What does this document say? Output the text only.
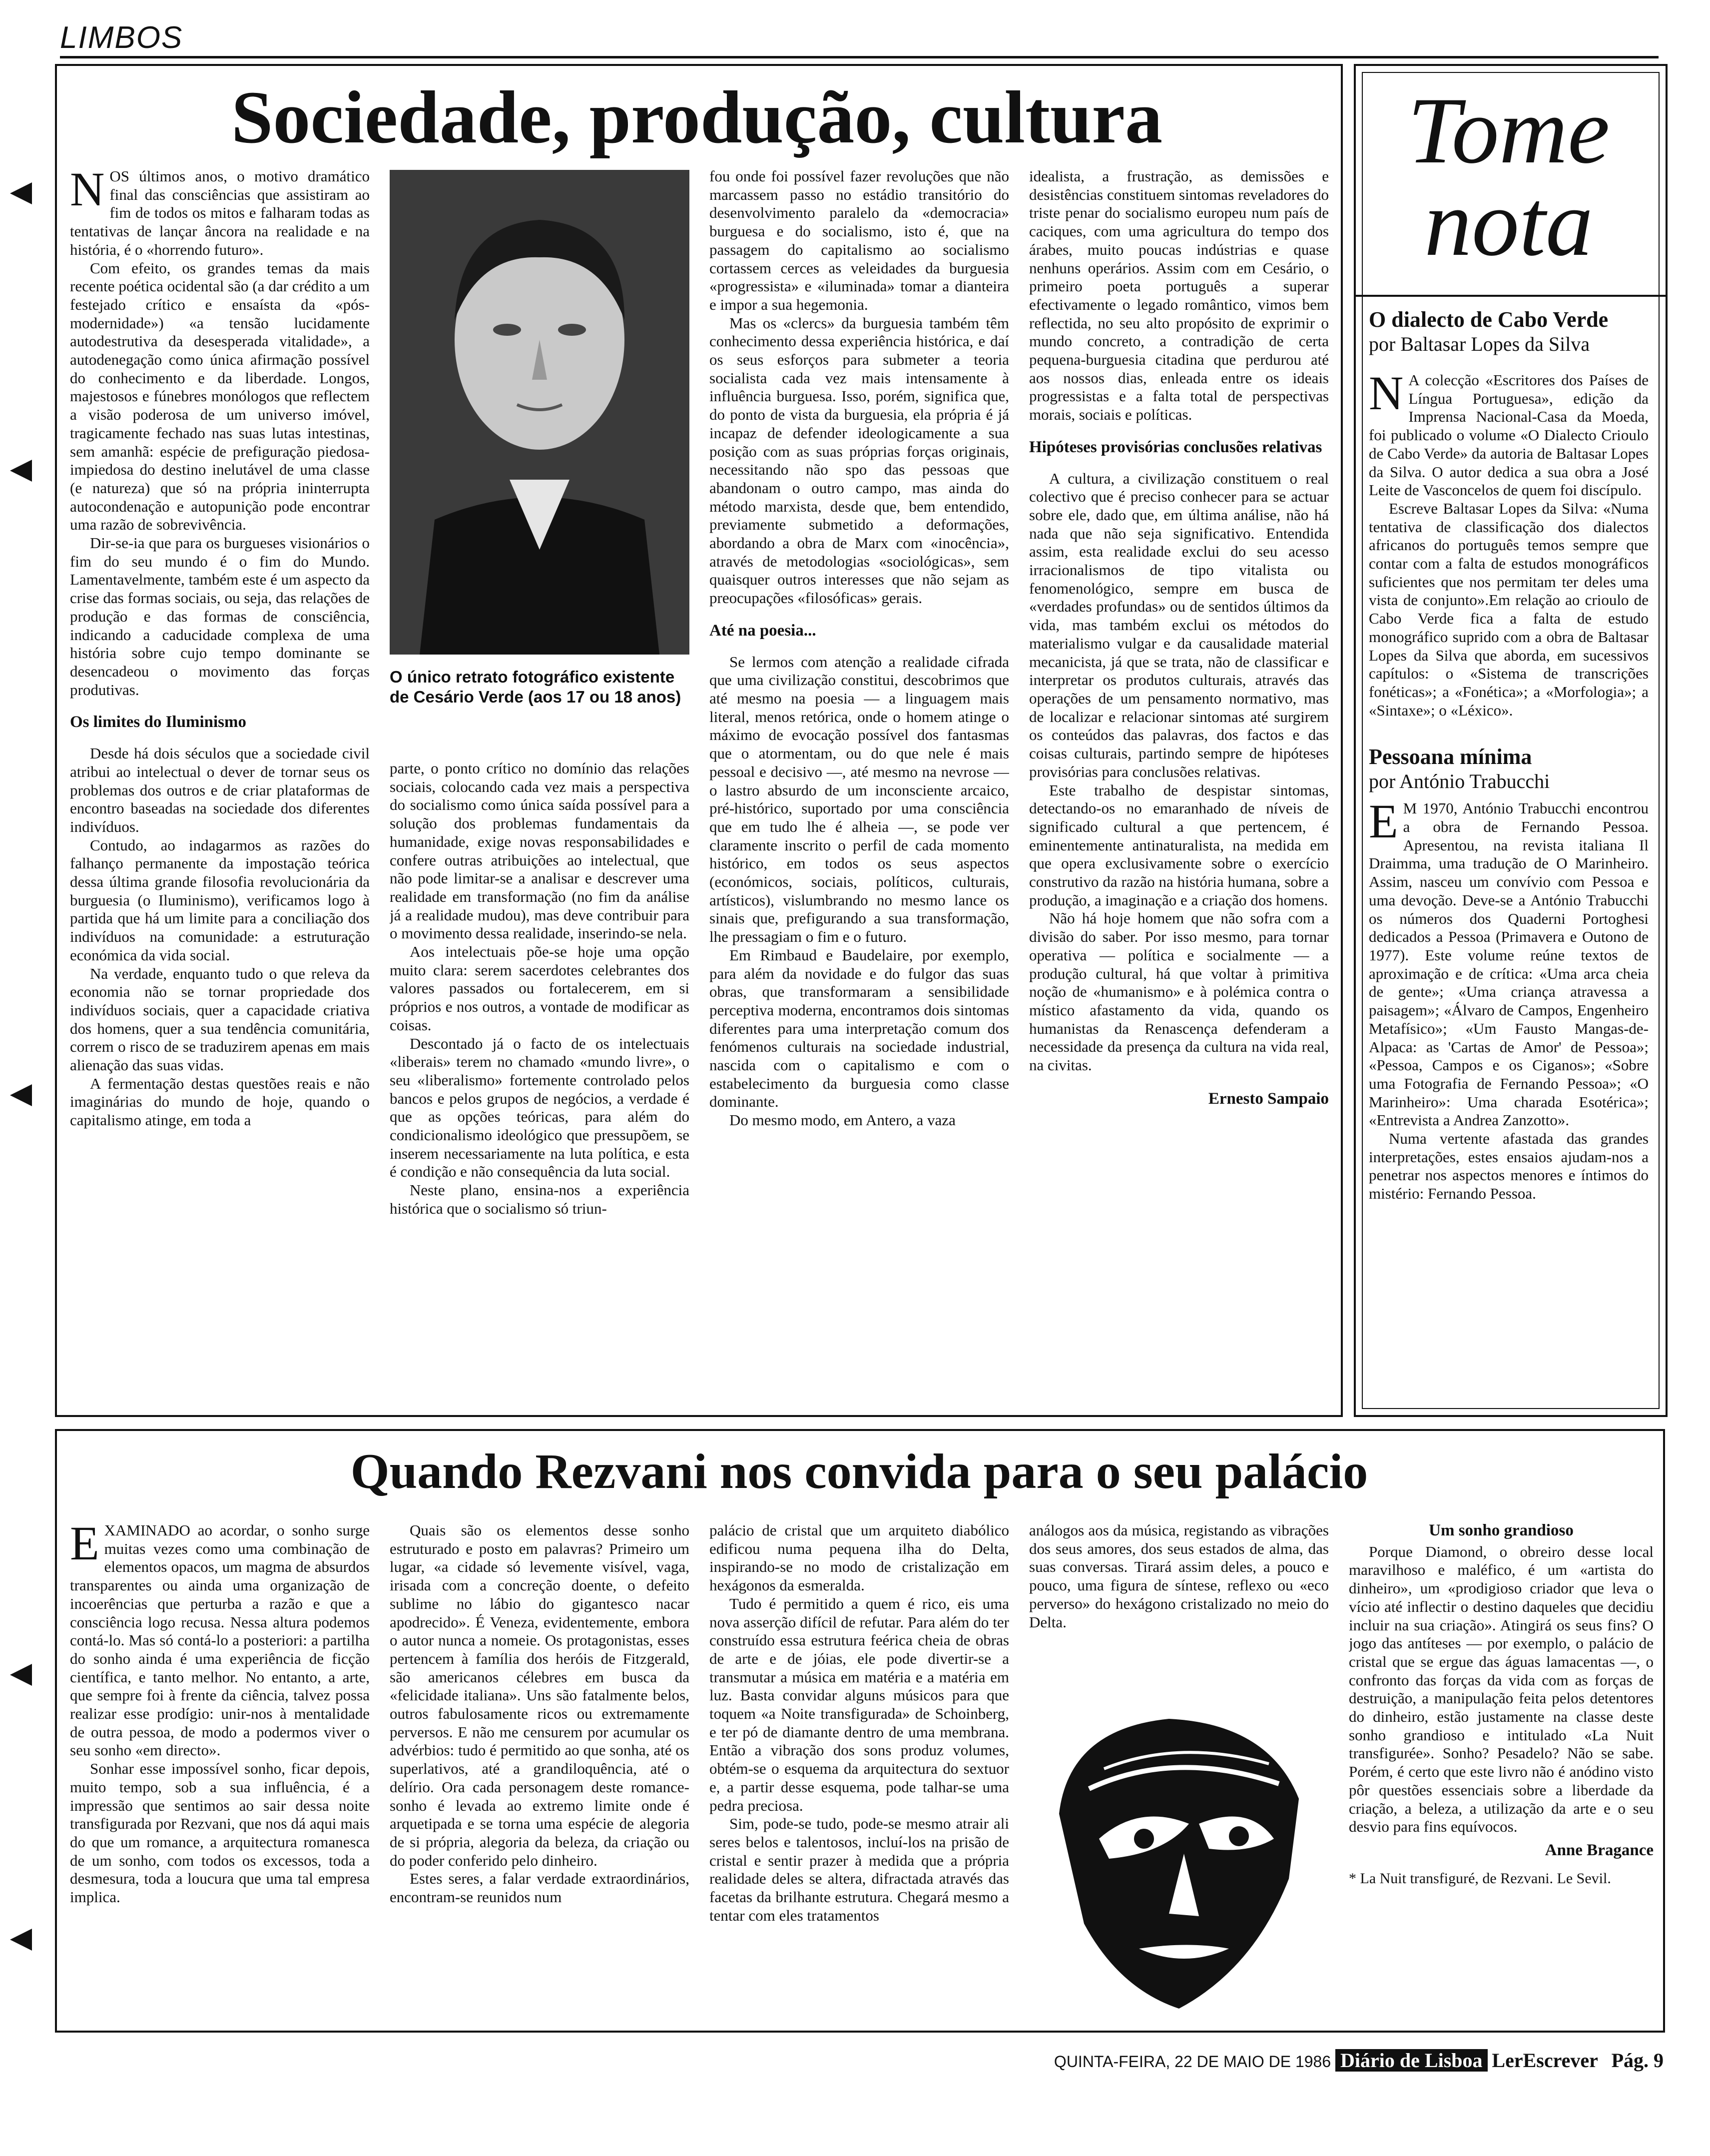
LIMBOS
Sociedade, produção, cultura
N OS últimos anos, o motivo dramático final das consciências que assistiram ao fim de todos os mitos e falharam todas as tentativas de lançar âncora na realidade e na história, é o «horrendo futuro».

Com efeito, os grandes temas da mais recente poética ocidental são (a dar crédito a um festejado crítico e ensaísta da «pós-modernidade») «a tensão lucidamente autodestrutiva da desesperada vitalidade», a autodenegação como única afirmação possível do conhecimento e da liberdade. Longos, majestosos e fúnebres monólogos que reflectem a visão poderosa de um universo imóvel, tragicamente fechado nas suas lutas intestinas, sem amanhã: espécie de prefiguração piedosa-impiedosa do destino inelutável de uma classe (e natureza) que só na própria ininterrupta autocondenação e autopunição pode encontrar uma razão de sobrevivência.

Dir-se-ia que para os burgueses visionários o fim do seu mundo é o fim do Mundo. Lamentavelmente, também este é um aspecto da crise das formas sociais, ou seja, das relações de produção e das formas de consciência, indicando a caducidade complexa de uma história sobre cujo tempo dominante se desencadeou o movimento das forças produtivas.

Os limites do Iluminismo

Desde há dois séculos que a sociedade civil atribui ao intelectual o dever de tornar seus os problemas dos outros e de criar plataformas de encontro baseadas na sociedade dos diferentes indivíduos.

Contudo, ao indagarmos as razões do falhanço permanente da impostação teórica dessa última grande filosofia revolucionária da burguesia (o Iluminismo), verificamos logo à partida que há um limite para a conciliação dos indivíduos na comunidade: a estruturação económica da vida social.

Na verdade, enquanto tudo o que releva da economia não se tornar propriedade dos indivíduos sociais, quer a capacidade criativa dos homens, quer a sua tendência comunitária, correm o risco de se traduzirem apenas em mais alienação das suas vidas.

A fermentação destas questões reais e não imaginárias do mundo de hoje, quando o capitalismo atinge, em toda a

O único retrato fotográfico existente de Cesário Verde (aos 17 ou 18 anos)

parte, o ponto crítico no domínio das relações sociais, colocando cada vez mais a perspectiva do socialismo como única saída possível para a solução dos problemas fundamentais da humanidade, exige novas responsabilidades e confere outras atribuições ao intelectual, que não pode limitar-se a analisar e descrever uma realidade em transformação (no fim da análise já a realidade mudou), mas deve contribuir para o movimento dessa realidade, inserindo-se nela.

Aos intelectuais põe-se hoje uma opção muito clara: serem sacerdotes celebrantes dos valores passados ou fortalecerem, em si próprios e nos outros, a vontade de modificar as coisas.

Descontado já o facto de os intelectuais «liberais» terem no chamado «mundo livre», o seu «liberalismo» fortemente controlado pelos bancos e pelos grupos de negócios, a verdade é que as opções teóricas, para além do condicionalismo ideológico que pressupõem, se inserem necessariamente na luta política, e esta é condição e não consequência da luta social.

Neste plano, ensina-nos a experiência histórica que o socialismo só triun-

fou onde foi possível fazer revoluções que não marcassem passo no estádio transitório do desenvolvimento paralelo da «democracia» burguesa e do socialismo, isto é, que na passagem do capitalismo ao socialismo cortassem cerces as veleidades da burguesia «progressista» e «iluminada» tomar a dianteira e impor a sua hegemonia.

Mas os «clercs» da burguesia também têm conhecimento dessa experiência histórica, e daí os seus esforços para submeter a teoria socialista cada vez mais intensamente à influência burguesa. Isso, porém, significa que, do ponto de vista da burguesia, ela própria é já incapaz de defender ideologicamente a sua posição com as suas próprias forças originais, necessitando não spo das pessoas que abandonam o outro campo, mas ainda do método marxista, desde que, bem entendido, previamente submetido a deformações, abordando a obra de Marx com «inocência», através de metodologias «sociológicas», sem quaisquer outros interesses que não sejam as preocupações «filosóficas» gerais.

Até na poesia...

Se lermos com atenção a realidade cifrada que uma civilização constitui, descobrimos que até mesmo na poesia — a linguagem mais literal, menos retórica, onde o homem atinge o máximo de evocação possível dos fantasmas que o atormentam, ou do que nele é mais pessoal e decisivo —, até mesmo na nevrose — o lastro absurdo de um inconsciente arcaico, pré-histórico, suportado por uma consciência que em tudo lhe é alheia —, se pode ver claramente inscrito o perfil de cada momento histórico, em todos os seus aspectos (económicos, sociais, políticos, culturais, artísticos), vislumbrando no mesmo lance os sinais que, prefigurando a sua transformação, lhe pressagiam o fim e o futuro.

Em Rimbaud e Baudelaire, por exemplo, para além da novidade e do fulgor das suas obras, que transformaram a sensibilidade perceptiva moderna, encontramos dois sintomas diferentes para uma interpretação comum dos fenómenos culturais na sociedade industrial, nascida com o capitalismo e com o estabelecimento da burguesia como classe dominante.

Do mesmo modo, em Antero, a vaza

idealista, a frustração, as demissões e desistências constituem sintomas reveladores do triste penar do socialismo europeu num país de caciques, com uma agricultura do tempo dos árabes, muito poucas indústrias e quase nenhuns operários. Assim com em Cesário, o primeiro poeta português a superar efectivamente o legado romântico, vimos bem reflectida, no seu alto propósito de exprimir o mundo concreto, a contradição de certa pequena-burguesia citadina que perdurou até aos nossos dias, enleada entre os ideais progressistas e a falta total de perspectivas morais, sociais e políticas.

Hipóteses provisórias conclusões relativas

A cultura, a civilização constituem o real colectivo que é preciso conhecer para se actuar sobre ele, dado que, em última análise, não há nada que não seja significativo. Entendida assim, esta realidade exclui do seu acesso irracionalismos de tipo vitalista ou fenomenológico, sempre em busca de «verdades profundas» ou de sentidos últimos da vida, mas também exclui os métodos do materialismo vulgar e da causalidade material mecanicista, já que se trata, não de classificar e interpretar os produtos culturais, através das operações de um pensamento normativo, mas de localizar e relacionar sintomas até surgirem os conteúdos das palavras, dos factos e das coisas culturais, partindo sempre de hipóteses provisórias para conclusões relativas.

Este trabalho de despistar sintomas, detectando-os no emaranhado de níveis de significado cultural a que pertencem, é eminentemente antinaturalista, na medida em que opera exclusivamente sobre o exercício construtivo da razão na história humana, sobre a produção, a imaginação e a criação dos homens.

Não há hoje homem que não sofra com a divisão do saber. Por isso mesmo, para tornar operativa — política e socialmente — a produção cultural, há que voltar à primitiva noção de «humanismo» e à polémica contra o místico afastamento da vida, quando os humanistas da Renascença defenderam a necessidade da presença da cultura na vida real, na civitas.

Ernesto Sampaio
Tome
nota
O dialecto de Cabo Verde
por Baltasar Lopes da Silva
N A colecção «Escritores dos Países de Língua Portuguesa», edição da Imprensa Nacional-Casa da Moeda, foi publicado o volume «O Dialecto Crioulo de Cabo Verde» da autoria de Baltasar Lopes da Silva. O autor dedica a sua obra a José Leite de Vasconcelos de quem foi discípulo.

Escreve Baltasar Lopes da Silva: «Numa tentativa de classificação dos dialectos africanos do português temos sempre que contar com a falta de estudos monográficos suficientes que nos permitam ter deles uma vista de conjunto».Em relação ao crioulo de Cabo Verde fica a falta de estudo monográfico suprido com a obra de Baltasar Lopes da Silva que aborda, em sucessivos capítulos: o «Sistema de transcrições fonéticas»; a «Fonética»; a «Morfologia»; a «Sintaxe»; o «Léxico».

Pessoana mínima
por António Trabucchi
E M 1970, António Trabucchi encontrou a obra de Fernando Pessoa. Apresentou, na revista italiana Il Draimma, uma tradução de O Marinheiro. Assim, nasceu um convívio com Pessoa e uma devoção. Deve-se a António Trabucchi os números dos Quaderni Portoghesi dedicados a Pessoa (Primavera e Outono de 1977). Este volume reúne textos de aproximação e de crítica: «Uma arca cheia de gente»; «Uma criança atravessa a paisagem»; «Álvaro de Campos, Engenheiro Metafísico»; «Um Fausto Mangas-de-Alpaca: as 'Cartas de Amor' de Pessoa»; «Pessoa, Campos e os Ciganos»; «Sobre uma Fotografia de Fernando Pessoa»; «O Marinheiro»: Uma charada Esotérica»; «Entrevista a Andrea Zanzotto».

Numa vertente afastada das grandes interpretações, estes ensaios ajudam-nos a penetrar nos aspectos menores e íntimos do mistério: Fernando Pessoa.

Quando Rezvani nos convida para o seu palácio
E XAMINADO ao acordar, o sonho surge muitas vezes como uma combinação de elementos opacos, um magma de absurdos transparentes ou ainda uma organização de incoerências que perturba a razão e que a consciência logo recusa. Nessa altura podemos contá-lo. Mas só contá-lo a posteriori: a partilha do sonho ainda é uma experiência de ficção científica, e tanto melhor. No entanto, a arte, que sempre foi à frente da ciência, talvez possa realizar esse prodígio: unir-nos à mentalidade de outra pessoa, de modo a podermos viver o seu sonho «em directo».

Sonhar esse impossível sonho, ficar depois, muito tempo, sob a sua influência, é a impressão que sentimos ao sair dessa noite transfigurada por Rezvani, que nos dá aqui mais do que um romance, a arquitectura romanesca de um sonho, com todos os excessos, toda a desmesura, toda a loucura que uma tal empresa implica.

Quais são os elementos desse sonho estruturado e posto em palavras? Primeiro um lugar, «a cidade só levemente visível, vaga, irisada com a concreção doente, o defeito sublime no lábio do gigantesco nacar apodrecido». É Veneza, evidentemente, embora o autor nunca a nomeie. Os protagonistas, esses pertencem à família dos heróis de Fitzgerald, são americanos célebres em busca da «felicidade italiana». Uns são fatalmente belos, outros fabulosamente ricos ou extremamente perversos. E não me censurem por acumular os advérbios: tudo é permitido ao que sonha, até os superlativos, até a grandiloquência, até o delírio. Ora cada personagem deste romance-sonho é levada ao extremo limite onde é arquetipada e se torna uma espécie de alegoria de si própria, alegoria da beleza, da criação ou do poder conferido pelo dinheiro.

Estes seres, a falar verdade extraordinários, encontram-se reunidos num

palácio de cristal que um arquiteto diabólico edificou numa pequena ilha do Delta, inspirando-se no modo de cristalização em hexágonos da esmeralda.

Tudo é permitido a quem é rico, eis uma nova asserção difícil de refutar. Para além do ter construído essa estrutura feérica cheia de obras de arte e de jóias, ele pode divertir-se a transmutar a música em matéria e a matéria em luz. Basta convidar alguns músicos para que toquem «a Noite transfigurada» de Schoinberg, e ter pó de diamante dentro de uma membrana. Então a vibração dos sons produz volumes, obtém-se o esquema da arquitectura do sextuor e, a partir desse esquema, pode talhar-se uma pedra preciosa.

Sim, pode-se tudo, pode-se mesmo atrair ali seres belos e talentosos, incluí-los na prisão de cristal e sentir prazer à medida que a própria realidade deles se altera, difractada através das facetas da brilhante estrutura. Chegará mesmo a tentar com eles tratamentos

análogos aos da música, registando as vibrações dos seus amores, dos seus estados de alma, das suas conversas. Tirará assim deles, a pouco e pouco, uma figura de síntese, reflexo ou «eco perverso» do hexágono cristalizado no meio do Delta.

Um sonho grandioso

Porque Diamond, o obreiro desse local maravilhoso e maléfico, é um «artista do dinheiro», um «prodigioso criador que leva o vício até inflectir o destino daqueles que decidiu incluir na sua criação». Atingirá os seus fins? O jogo das antíteses — por exemplo, o palácio de cristal que se ergue das águas lamacentas —, o confronto das forças da vida com as forças de destruição, a manipulação feita pelos detentores do dinheiro, estão justamente na classe deste sonho grandioso e intitulado «La Nuit transfigurée». Sonho? Pesadelo? Não se sabe. Porém, é certo que este livro não é anódino visto pôr questões essenciais sobre a liberdade da criação, a beleza, a utilização da arte e o seu desvio para fins equívocos.

Anne Bragance

* La Nuit transfiguré, de Rezvani. Le Sevil.

QUINTA-FEIRA, 22 DE MAIO DE 1986 Diário de Lisboa LerEscrever Pág. 9
